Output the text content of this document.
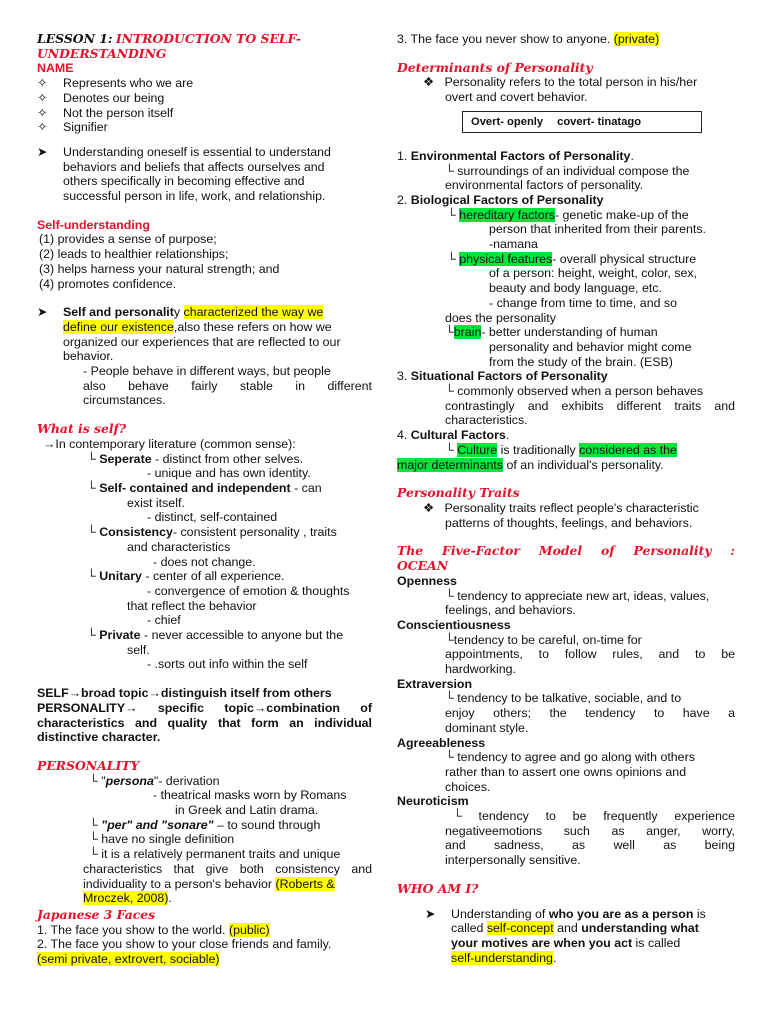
LESSON 1: INTRODUCTION TO SELF-
UNDERSTANDING
NAME
✧ Represents who we are
✧ Denotes our being
✧ Not the person itself
✧ Signifier
➤ Understanding oneself is essential to understand
behaviors and beliefs that affects ourselves and
others specifically in becoming effective and
successful person in life, work, and relationship.
Self-understanding
(1) provides a sense of purpose;
(2) leads to healthier relationships;
(3) helps harness your natural strength; and
(4) promotes confidence.
➤ Self and personality characterized the way we
define our existence,also these refers on how we
organized our experiences that are reflected to our
behavior.
- People behave in different ways, but people
also behave fairly stable in different
circumstances.
What is self?
→In contemporary literature (common sense):
└ Seperate - distinct from other selves.
- unique and has own identity.
└ Self- contained and independent - can
exist itself.
- distinct, self-contained
└ Consistency- consistent personality , traits
and characteristics
- does not change.
└ Unitary - center of all experience.
- convergence of emotion & thoughts
that reflect the behavior
- chief
└ Private - never accessible to anyone but the
self.
- .sorts out info within the self
SELF→broad topic→distinguish itself from others
PERSONALITY→ specific topic→combination of
characteristics and quality that form an individual
distinctive character.
PERSONALITY
└ "persona"- derivation
- theatrical masks worn by Romans
in Greek and Latin drama.
└ "per" and "sonare" – to sound through
└ have no single definition
└ it is a relatively permanent traits and unique
characteristics that give both consistency and
individuality to a person's behavior (Roberts &
Mroczek, 2008).
Japanese 3 Faces
1. The face you show to the world. (public)
2. The face you show to your close friends and family.
(semi private, extrovert, sociable)
3. The face you never show to anyone. (private)
Determinants of Personality
❖ Personality refers to the total person in his/her
overt and covert behavior.
Overt- openly covert- tinatago
1. Environmental Factors of Personality.
└ surroundings of an individual compose the
environmental factors of personality.
2. Biological Factors of Personality
└ hereditary factors- genetic make-up of the
person that inherited from their parents.
-namana
└ physical features- overall physical structure
of a person: height, weight, color, sex,
beauty and body language, etc.
- change from time to time, and so
does the personality
└brain- better understanding of human
personality and behavior might come
from the study of the brain. (ESB)
3. Situational Factors of Personality
└ commonly observed when a person behaves
contrastingly and exhibits different traits and
characteristics.
4. Cultural Factors.
└ Culture is traditionally considered as the
major determinants of an individual's personality.
Personality Traits
❖ Personality traits reflect people's characteristic
patterns of thoughts, feelings, and behaviors.
The Five-Factor Model of Personality :
OCEAN
Openness
└ tendency to appreciate new art, ideas, values,
feelings, and behaviors.
Conscientiousness
└tendency to be careful, on-time for
appointments, to follow rules, and to be
hardworking.
Extraversion
└ tendency to be talkative, sociable, and to
enjoy others; the tendency to have a
dominant style.
Agreeableness
└ tendency to agree and go along with others
rather than to assert one owns opinions and
choices.
Neuroticism
└ tendency to be frequently experience
negativeemotions such as anger, worry,
and sadness, as well as being
interpersonally sensitive.
WHO AM I?
➤ Understanding of who you are as a person is
called self-concept and understanding what
your motives are when you act is called
self-understanding.
